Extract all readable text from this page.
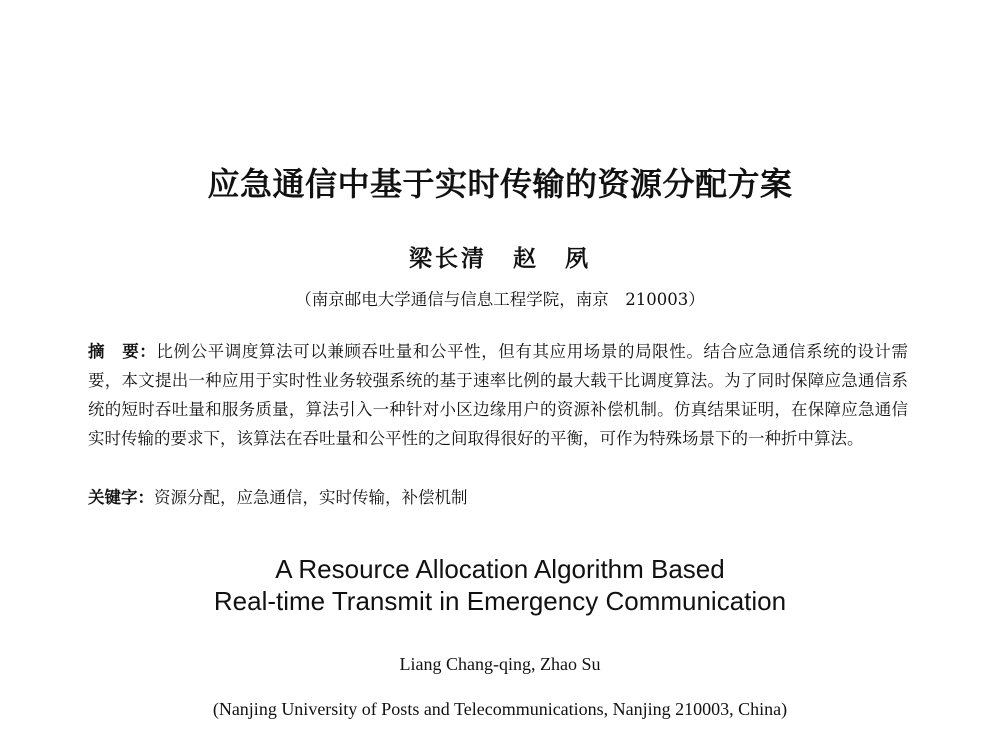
应急通信中基于实时传输的资源分配方案
梁长清　赵　夙
（南京邮电大学通信与信息工程学院，南京　210003）
摘　要：比例公平调度算法可以兼顾吞吐量和公平性，但有其应用场景的局限性。结合应急通信系统的设计需要，本文提出一种应用于实时性业务较强系统的基于速率比例的最大载干比调度算法。为了同时保障应急通信系统的短时吞吐量和服务质量，算法引入一种针对小区边缘用户的资源补偿机制。仿真结果证明，在保障应急通信实时传输的要求下，该算法在吞吐量和公平性的之间取得很好的平衡，可作为特殊场景下的一种折中算法。
关键字：资源分配，应急通信，实时传输，补偿机制
A Resource Allocation Algorithm Based
Real-time Transmit in Emergency Communication
Liang Chang-qing, Zhao Su
(Nanjing University of Posts and Telecommunications, Nanjing 210003, China)
